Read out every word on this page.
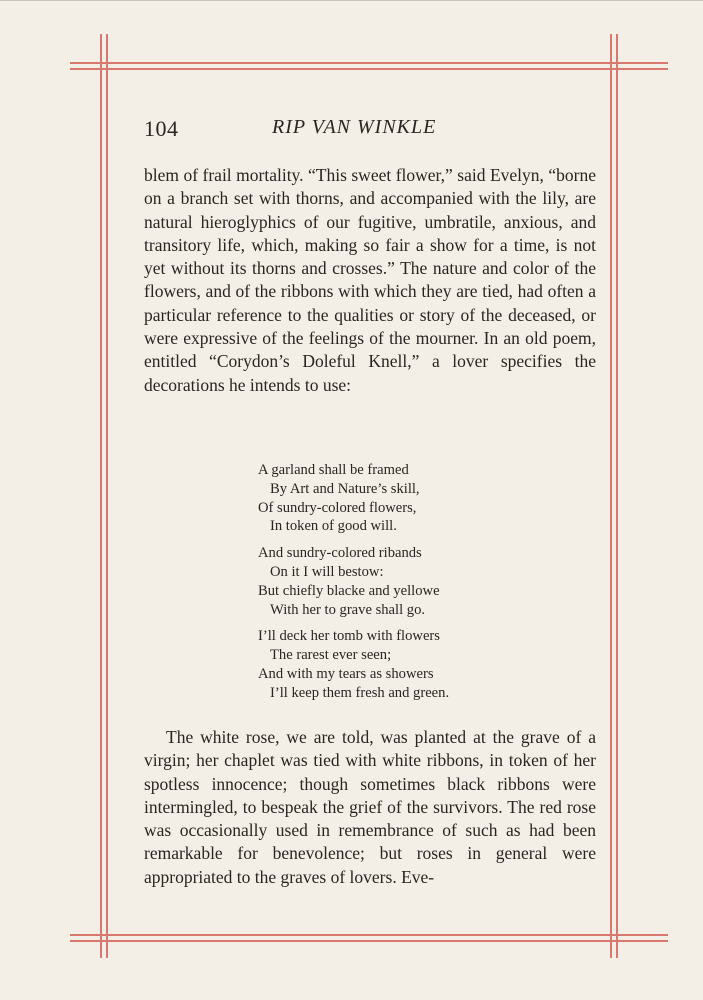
104	RIP VAN WINKLE

blem of frail mortality. “This sweet flower,” said Evelyn, “borne on a branch set with thorns, and accompanied with the lily, are natural hieroglyphics of our fugitive, umbratile, anxious, and transitory life, which, making so fair a show for a time, is not yet without its thorns and crosses.” The nature and color of the flowers, and of the ribbons with which they are tied, had often a particular reference to the qualities or story of the deceased, or were expressive of the feelings of the mourner. In an old poem, entitled “Corydon’s Doleful Knell,” a lover specifies the decorations he intends to use:

A garland shall be framed
By Art and Nature’s skill,
Of sundry-colored flowers,
In token of good will.
And sundry-colored ribands
On it I will bestow:
But chiefly blacke and yellowe
With her to grave shall go.
I’ll deck her tomb with flowers
The rarest ever seen;
And with my tears as showers
I’ll keep them fresh and green.

The white rose, we are told, was planted at the grave of a virgin; her chaplet was tied with white ribbons, in token of her spotless innocence; though sometimes black ribbons were intermingled, to bespeak the grief of the survivors. The red rose was occasionally used in remembrance of such as had been remarkable for benevolence; but roses in general were appropriated to the graves of lovers. Eve-
